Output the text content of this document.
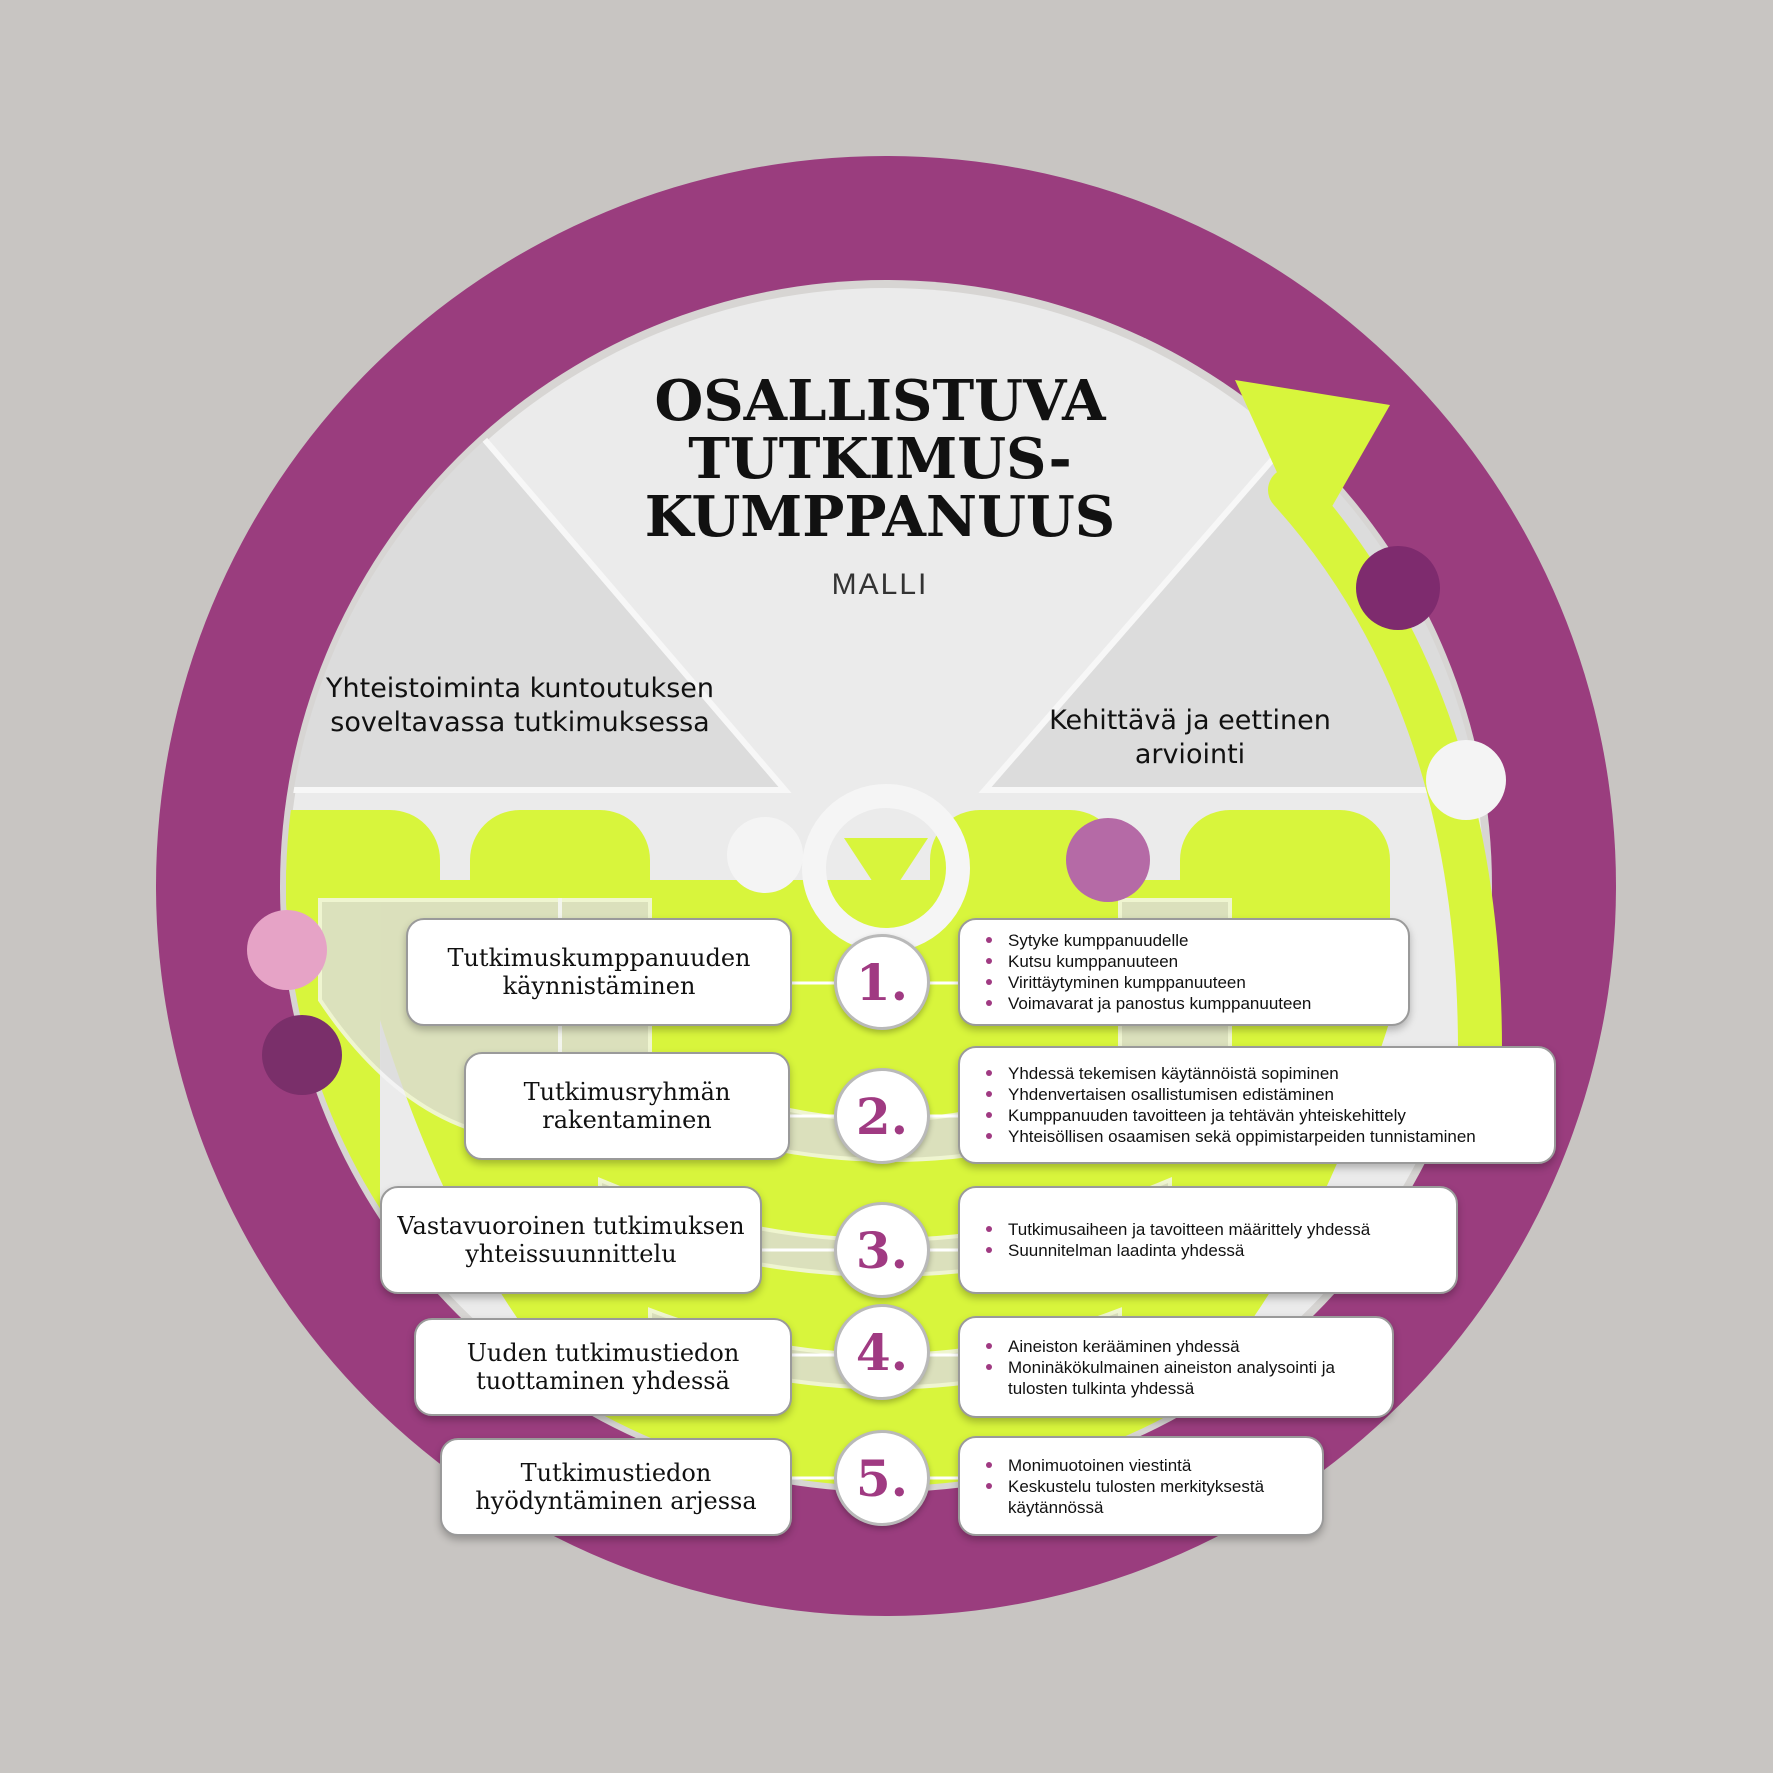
OSALLISTUVA
TUTKIMUS-
KUMPPANUUS
MALLI
Yhteistoiminta kuntoutuksen soveltavassa tutkimuksessa	Kehittävä ja eettinen arviointi
Tutkimuskumppanuuden käynnistäminen	1.
Sytyke kumppanuudelle
Kutsu kumppanuuteen
Virittäytyminen kumppanuuteen
Voimavarat ja panostus kumppanuuteen
Tutkimusryhmän rakentaminen	2.
Yhdessä tekemisen käytännöistä sopiminen
Yhdenvertaisen osallistumisen edistäminen
Kumppanuuden tavoitteen ja tehtävän yhteiskehittely
Yhteisöllisen osaamisen sekä oppimistarpeiden tunnistaminen
Vastavuoroinen tutkimuksen yhteissuunnittelu	3.	Tutkimusaiheen ja tavoitteen määrittely yhdessä
Suunnitelman laadinta yhdessä
Uuden tutkimustiedon tuottaminen yhdessä	4.	Aineiston kerääminen yhdessä
Moninäkökulmainen aineiston analysointi ja tulosten tulkinta yhdessä
Tutkimustiedon hyödyntäminen arjessa	5.	Monimuotoinen viestintä
Keskustelu tulosten merkityksestä käytännössä
